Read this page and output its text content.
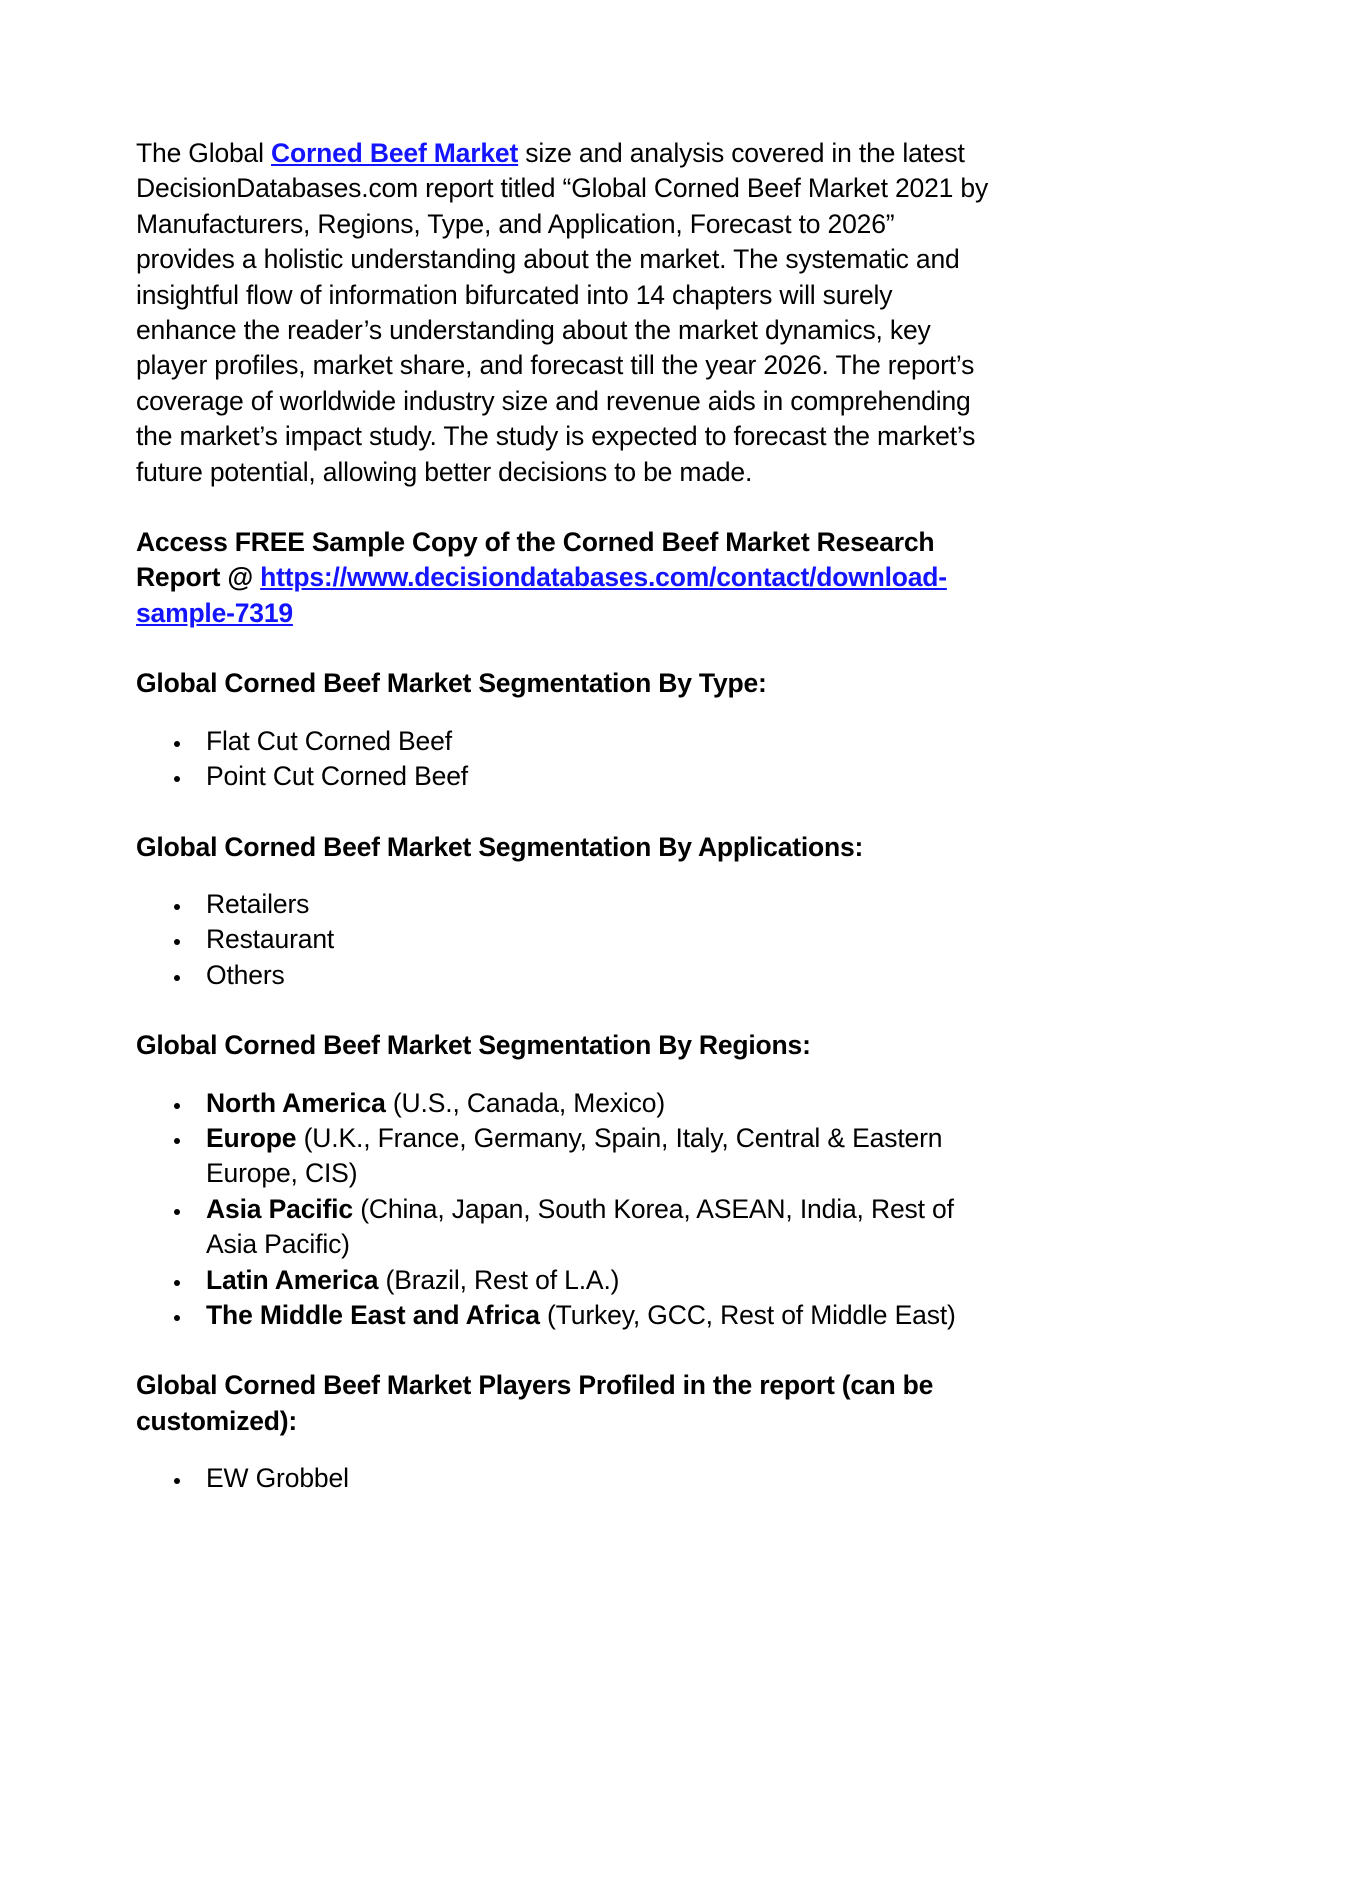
The Global Corned Beef Market size and analysis covered in the latest DecisionDatabases.com report titled “Global Corned Beef Market 2021 by Manufacturers, Regions, Type, and Application, Forecast to 2026” provides a holistic understanding about the market. The systematic and insightful flow of information bifurcated into 14 chapters will surely enhance the reader’s understanding about the market dynamics, key player profiles, market share, and forecast till the year 2026. The report’s coverage of worldwide industry size and revenue aids in comprehending the market’s impact study. The study is expected to forecast the market’s future potential, allowing better decisions to be made.

Access FREE Sample Copy of the Corned Beef Market Research Report @ https://www.decisiondatabases.com/contact/download-sample-7319

Global Corned Beef Market Segmentation By Type:

Flat Cut Corned Beef
Point Cut Corned Beef

Global Corned Beef Market Segmentation By Applications:

Retailers
Restaurant
Others

Global Corned Beef Market Segmentation By Regions:

North America (U.S., Canada, Mexico)
Europe (U.K., France, Germany, Spain, Italy, Central & Eastern Europe, CIS)
Asia Pacific (China, Japan, South Korea, ASEAN, India, Rest of Asia Pacific)
Latin America (Brazil, Rest of L.A.)
The Middle East and Africa (Turkey, GCC, Rest of Middle East)

Global Corned Beef Market Players Profiled in the report (can be customized):

EW Grobbel
